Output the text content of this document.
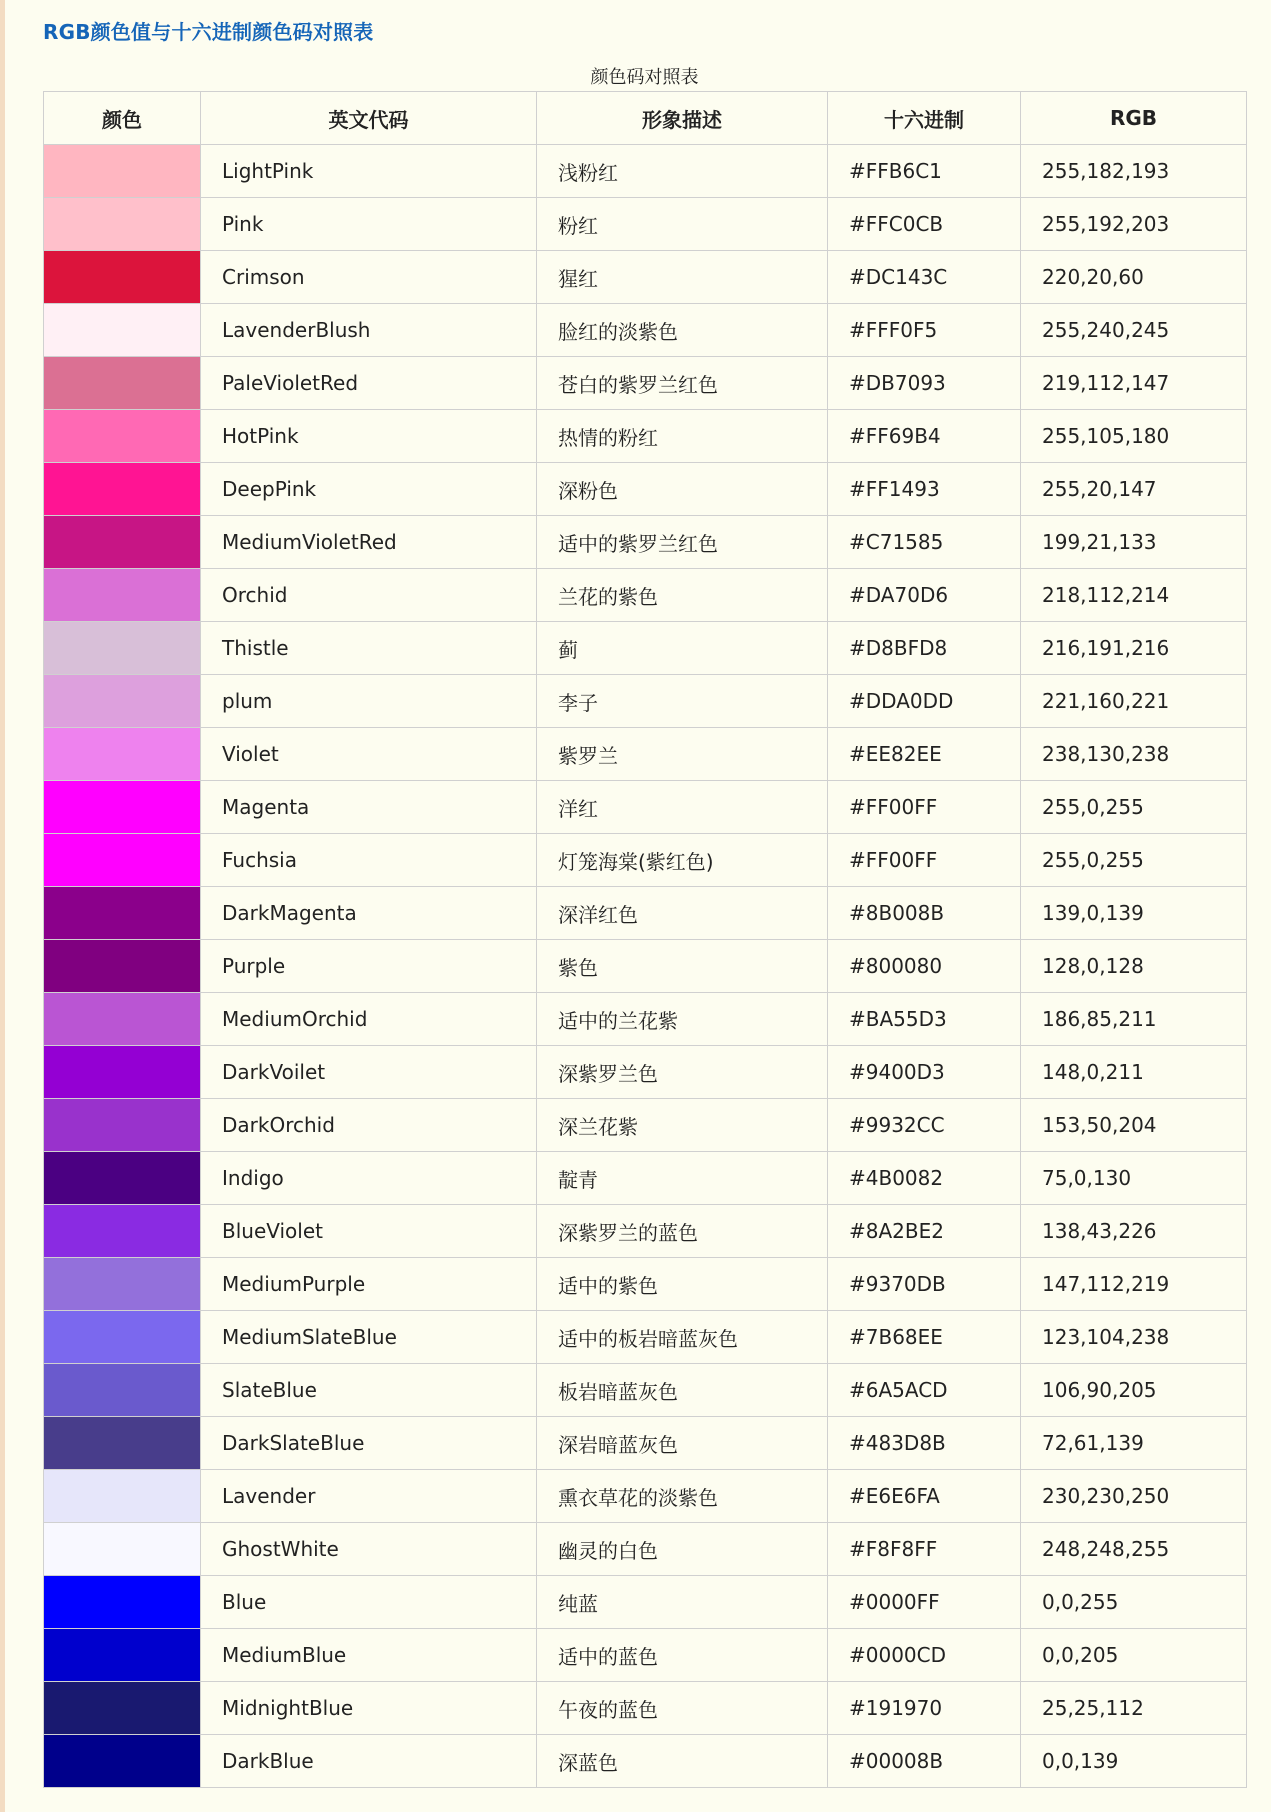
RGB颜色值与十六进制颜色码对照表
颜色码对照表
颜色	英文代码	形象描述	十六进制	RGB
	LightPink	浅粉红	#FFB6C1	255,182,193
	Pink	粉红	#FFC0CB	255,192,203
	Crimson	猩红	#DC143C	220,20,60
	LavenderBlush	脸红的淡紫色	#FFF0F5	255,240,245
	PaleVioletRed	苍白的紫罗兰红色	#DB7093	219,112,147
	HotPink	热情的粉红	#FF69B4	255,105,180
	DeepPink	深粉色	#FF1493	255,20,147
	MediumVioletRed	适中的紫罗兰红色	#C71585	199,21,133
	Orchid	兰花的紫色	#DA70D6	218,112,214
	Thistle	蓟	#D8BFD8	216,191,216
	plum	李子	#DDA0DD	221,160,221
	Violet	紫罗兰	#EE82EE	238,130,238
	Magenta	洋红	#FF00FF	255,0,255
	Fuchsia	灯笼海棠(紫红色)	#FF00FF	255,0,255
	DarkMagenta	深洋红色	#8B008B	139,0,139
	Purple	紫色	#800080	128,0,128
	MediumOrchid	适中的兰花紫	#BA55D3	186,85,211
	DarkVoilet	深紫罗兰色	#9400D3	148,0,211
	DarkOrchid	深兰花紫	#9932CC	153,50,204
	Indigo	靛青	#4B0082	75,0,130
	BlueViolet	深紫罗兰的蓝色	#8A2BE2	138,43,226
	MediumPurple	适中的紫色	#9370DB	147,112,219
	MediumSlateBlue	适中的板岩暗蓝灰色	#7B68EE	123,104,238
	SlateBlue	板岩暗蓝灰色	#6A5ACD	106,90,205
	DarkSlateBlue	深岩暗蓝灰色	#483D8B	72,61,139
	Lavender	熏衣草花的淡紫色	#E6E6FA	230,230,250
	GhostWhite	幽灵的白色	#F8F8FF	248,248,255
	Blue	纯蓝	#0000FF	0,0,255
	MediumBlue	适中的蓝色	#0000CD	0,0,205
	MidnightBlue	午夜的蓝色	#191970	25,25,112
	DarkBlue	深蓝色	#00008B	0,0,139
